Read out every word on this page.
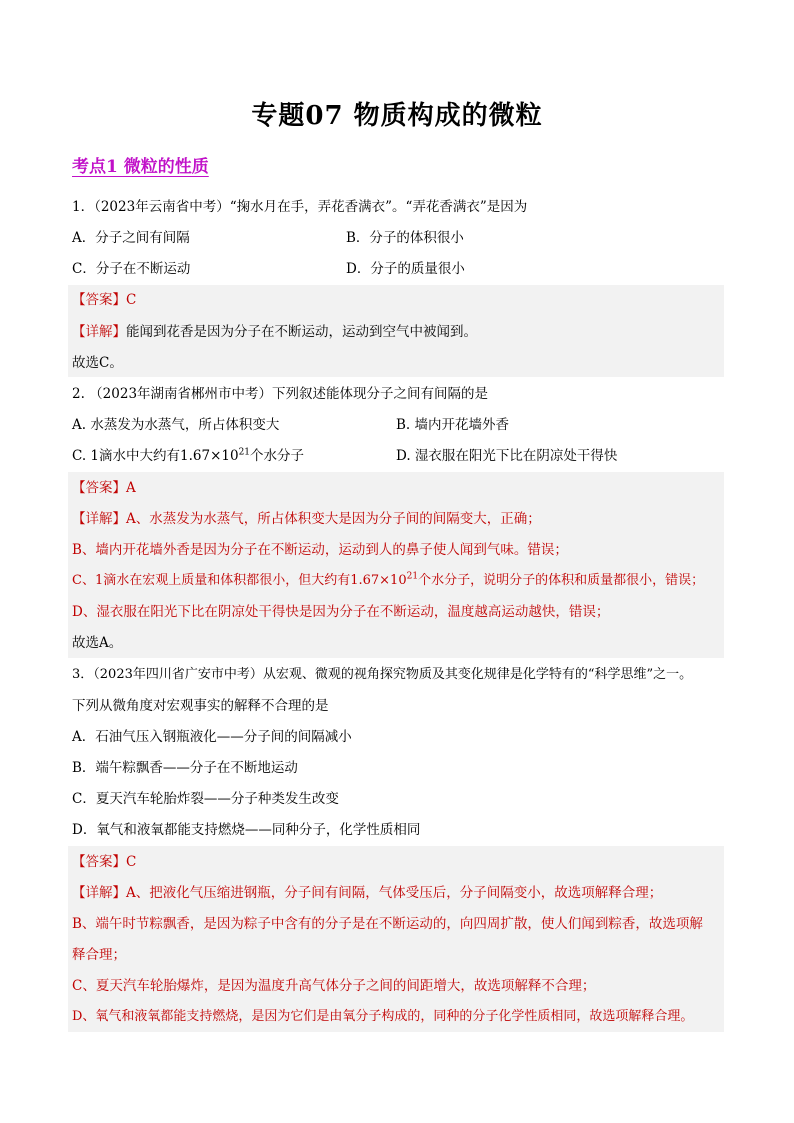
专题07 物质构成的微粒
考点1 微粒的性质
1．（2023年云南省中考）“掬水月在手，弄花香满衣”。“弄花香满衣”是因为
A．分子之间有间隔	B．分子的体积很小
C．分子在不断运动	D．分子的质量很小
【答案】C
【详解】能闻到花香是因为分子在不断运动，运动到空气中被闻到。
故选C。
2. （2023年湖南省郴州市中考）下列叙述能体现分子之间有间隔的是
A. 水蒸发为水蒸气，所占体积变大	B. 墙内开花墙外香
C. 1滴水中大约有$1.67\times 10^{21}$个水分子	D. 湿衣服在阳光下比在阴凉处干得快
【答案】A
【详解】A、水蒸发为水蒸气，所占体积变大是因为分子间的间隔变大，正确；
B、墙内开花墙外香是因为分子在不断运动，运动到人的鼻子使人闻到气味。错误；
C、1滴水在宏观上质量和体积都很小，但大约有$1.67\times 10^{21}$个水分子，说明分子的体积和质量都很小，错误；
D、湿衣服在阳光下比在阴凉处干得快是因为分子在不断运动，温度越高运动越快，错误；
故选A。
3．（2023年四川省广安市中考）从宏观、微观的视角探究物质及其变化规律是化学特有的“科学思维”之一。
下列从微角度对宏观事实的解释不合理的是
A．石油气压入钢瓶液化——分子间的间隔减小
B．端午粽飘香——分子在不断地运动
C．夏天汽车轮胎炸裂——分子种类发生改变
D．氧气和液氧都能支持燃烧——同种分子，化学性质相同
【答案】C
【详解】A、把液化气压缩进钢瓶，分子间有间隔，气体受压后，分子间隔变小，故选项解释合理；
B、端午时节粽飘香，是因为粽子中含有的分子是在不断运动的，向四周扩散，使人们闻到粽香，故选项解
释合理；
C、夏天汽车轮胎爆炸，是因为温度升高气体分子之间的间距增大，故选项解释不合理；
D、氧气和液氧都能支持燃烧，是因为它们是由氧分子构成的，同种的分子化学性质相同，故选项解释合理。
